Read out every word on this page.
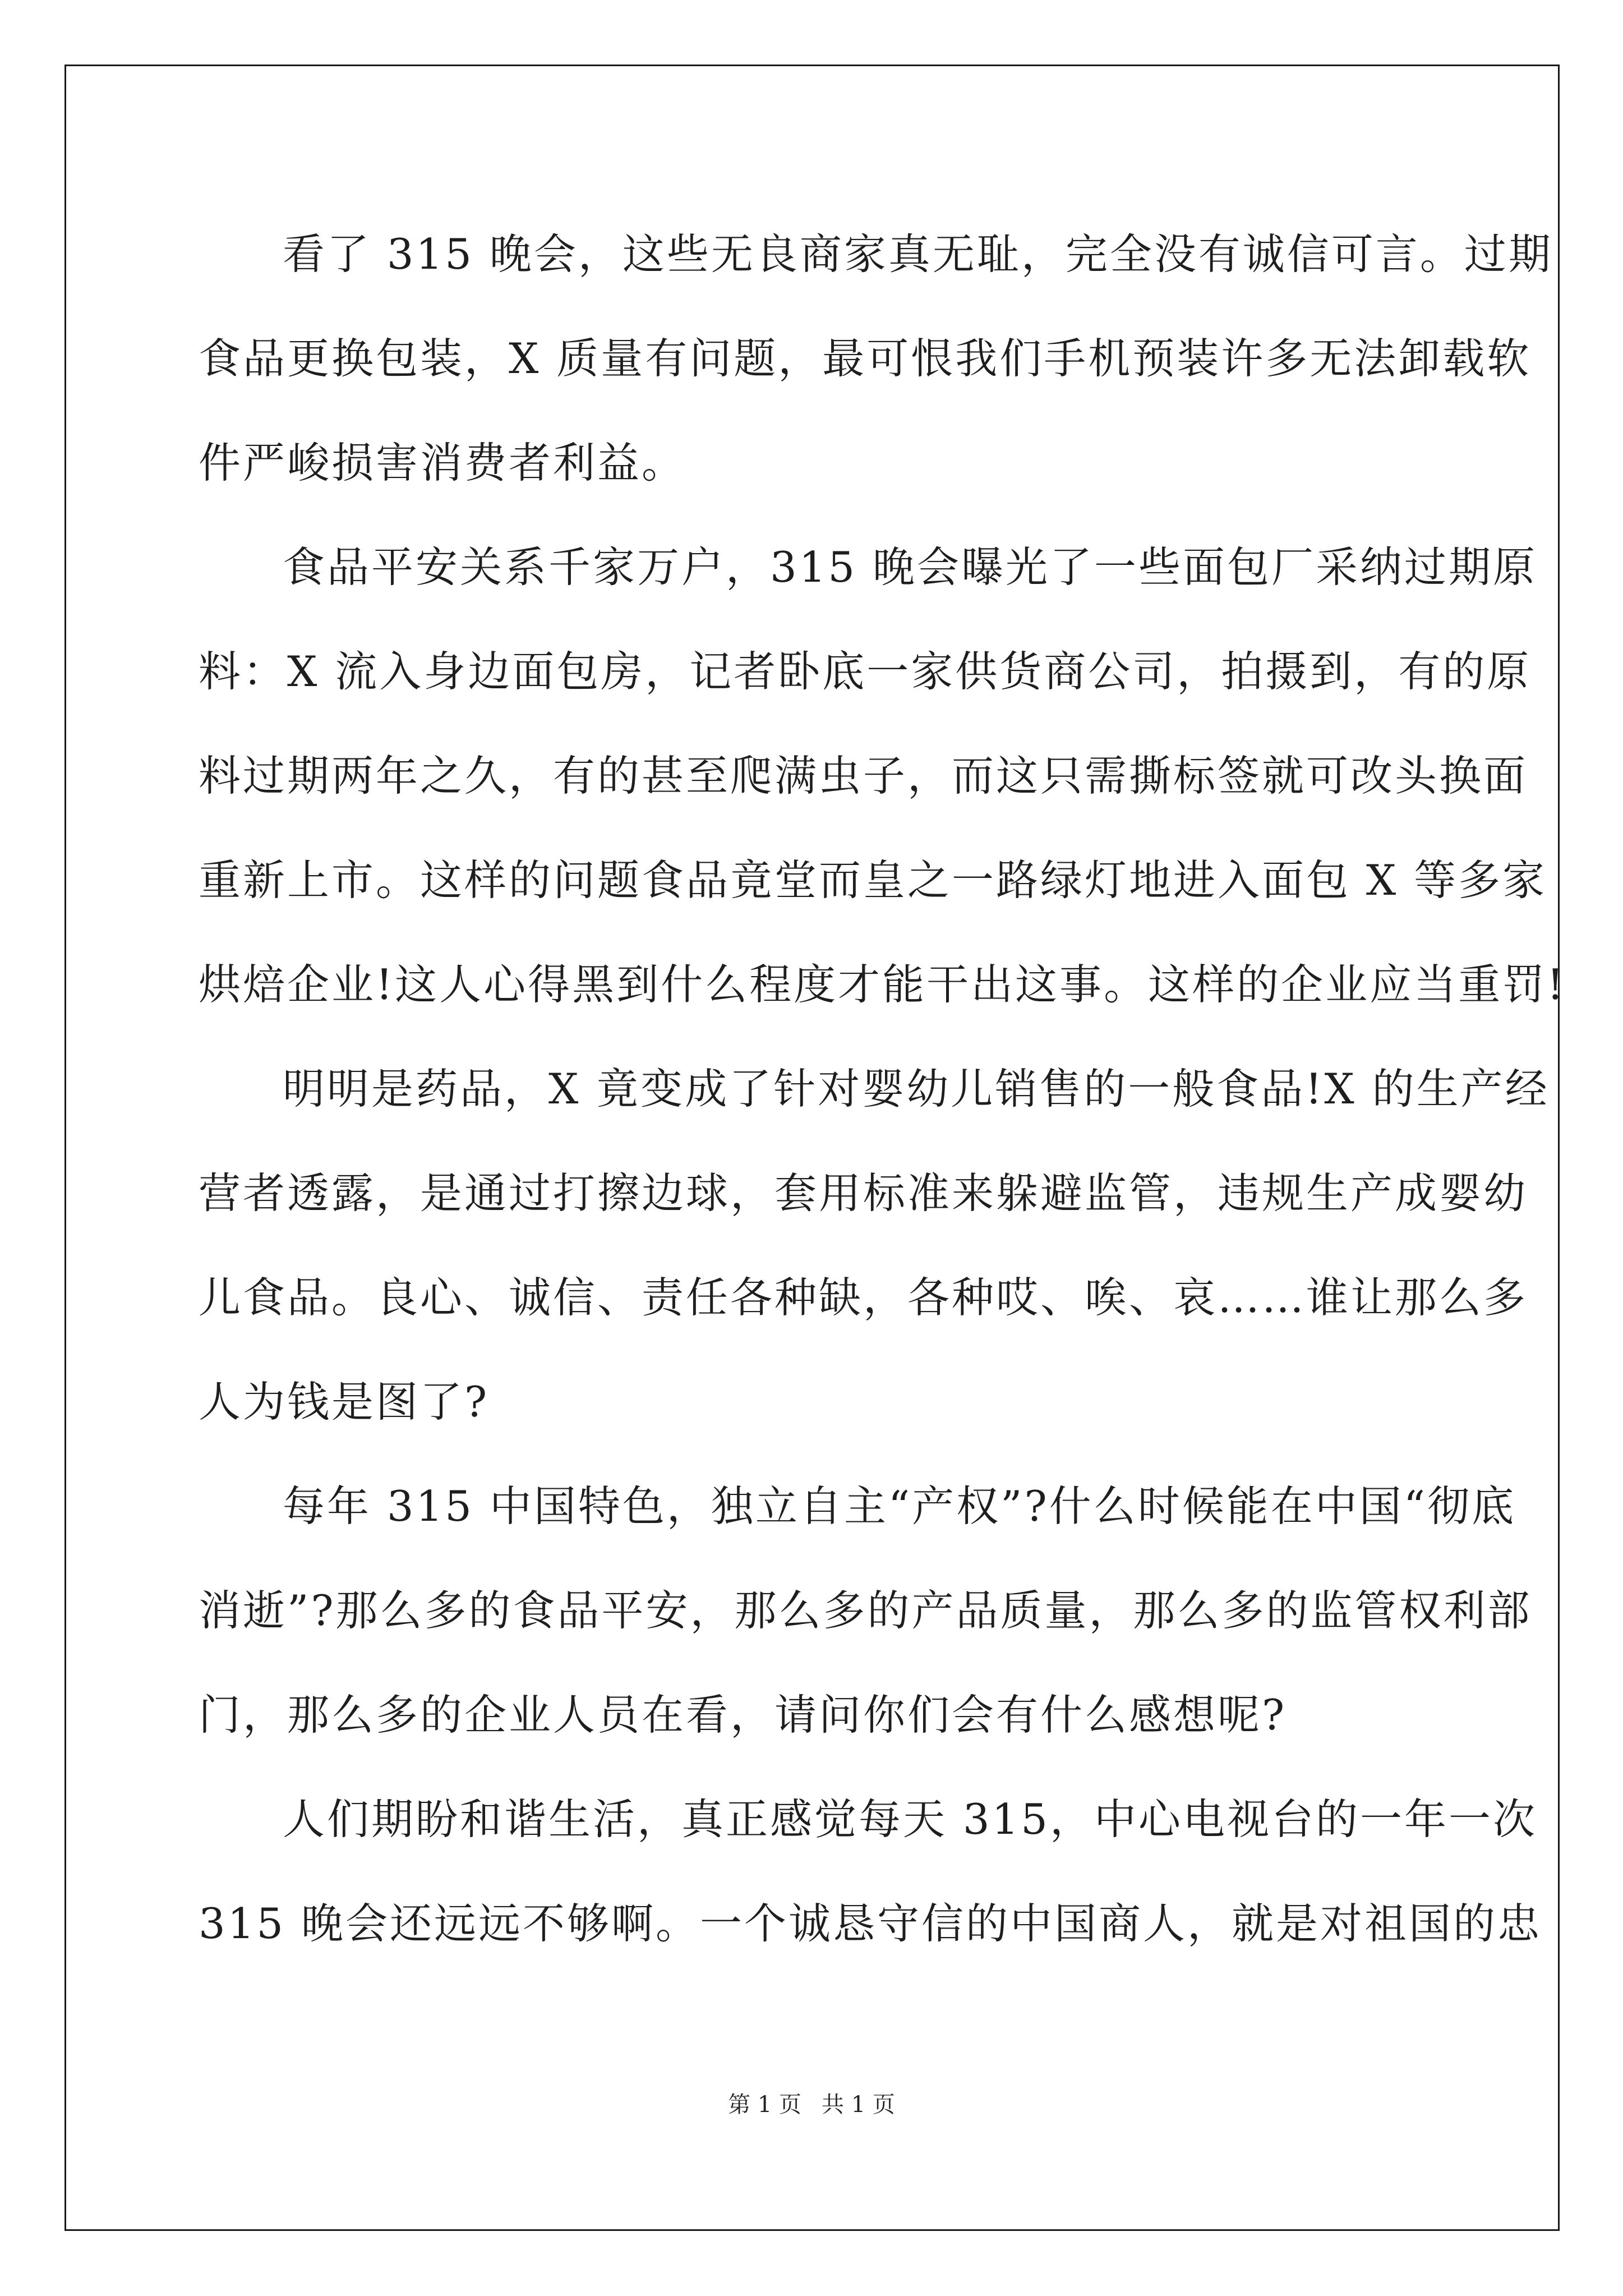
看了 315 晚会，这些无良商家真无耻，完全没有诚信可言。过期
食品更换包装，X 质量有问题，最可恨我们手机预装许多无法卸载软
件严峻损害消费者利益。
食品平安关系千家万户，315 晚会曝光了一些面包厂采纳过期原
料：X 流入身边面包房，记者卧底一家供货商公司，拍摄到，有的原
料过期两年之久，有的甚至爬满虫子，而这只需撕标签就可改头换面
重新上市。这样的问题食品竟堂而皇之一路绿灯地进入面包 X 等多家
烘焙企业!这人心得黑到什么程度才能干出这事。这样的企业应当重罚!
明明是药品，X 竟变成了针对婴幼儿销售的一般食品!X 的生产经
营者透露，是通过打擦边球，套用标准来躲避监管，违规生产成婴幼
儿食品。良心、诚信、责任各种缺，各种哎、唉、哀……谁让那么多
人为钱是图了?
每年 315 中国特色，独立自主“产权”?什么时候能在中国“彻底
消逝”?那么多的食品平安，那么多的产品质量，那么多的监管权利部
门，那么多的企业人员在看，请问你们会有什么感想呢?
人们期盼和谐生活，真正感觉每天 315，中心电视台的一年一次
315 晚会还远远不够啊。一个诚恳守信的中国商人，就是对祖国的忠
第 1 页 共 1 页
